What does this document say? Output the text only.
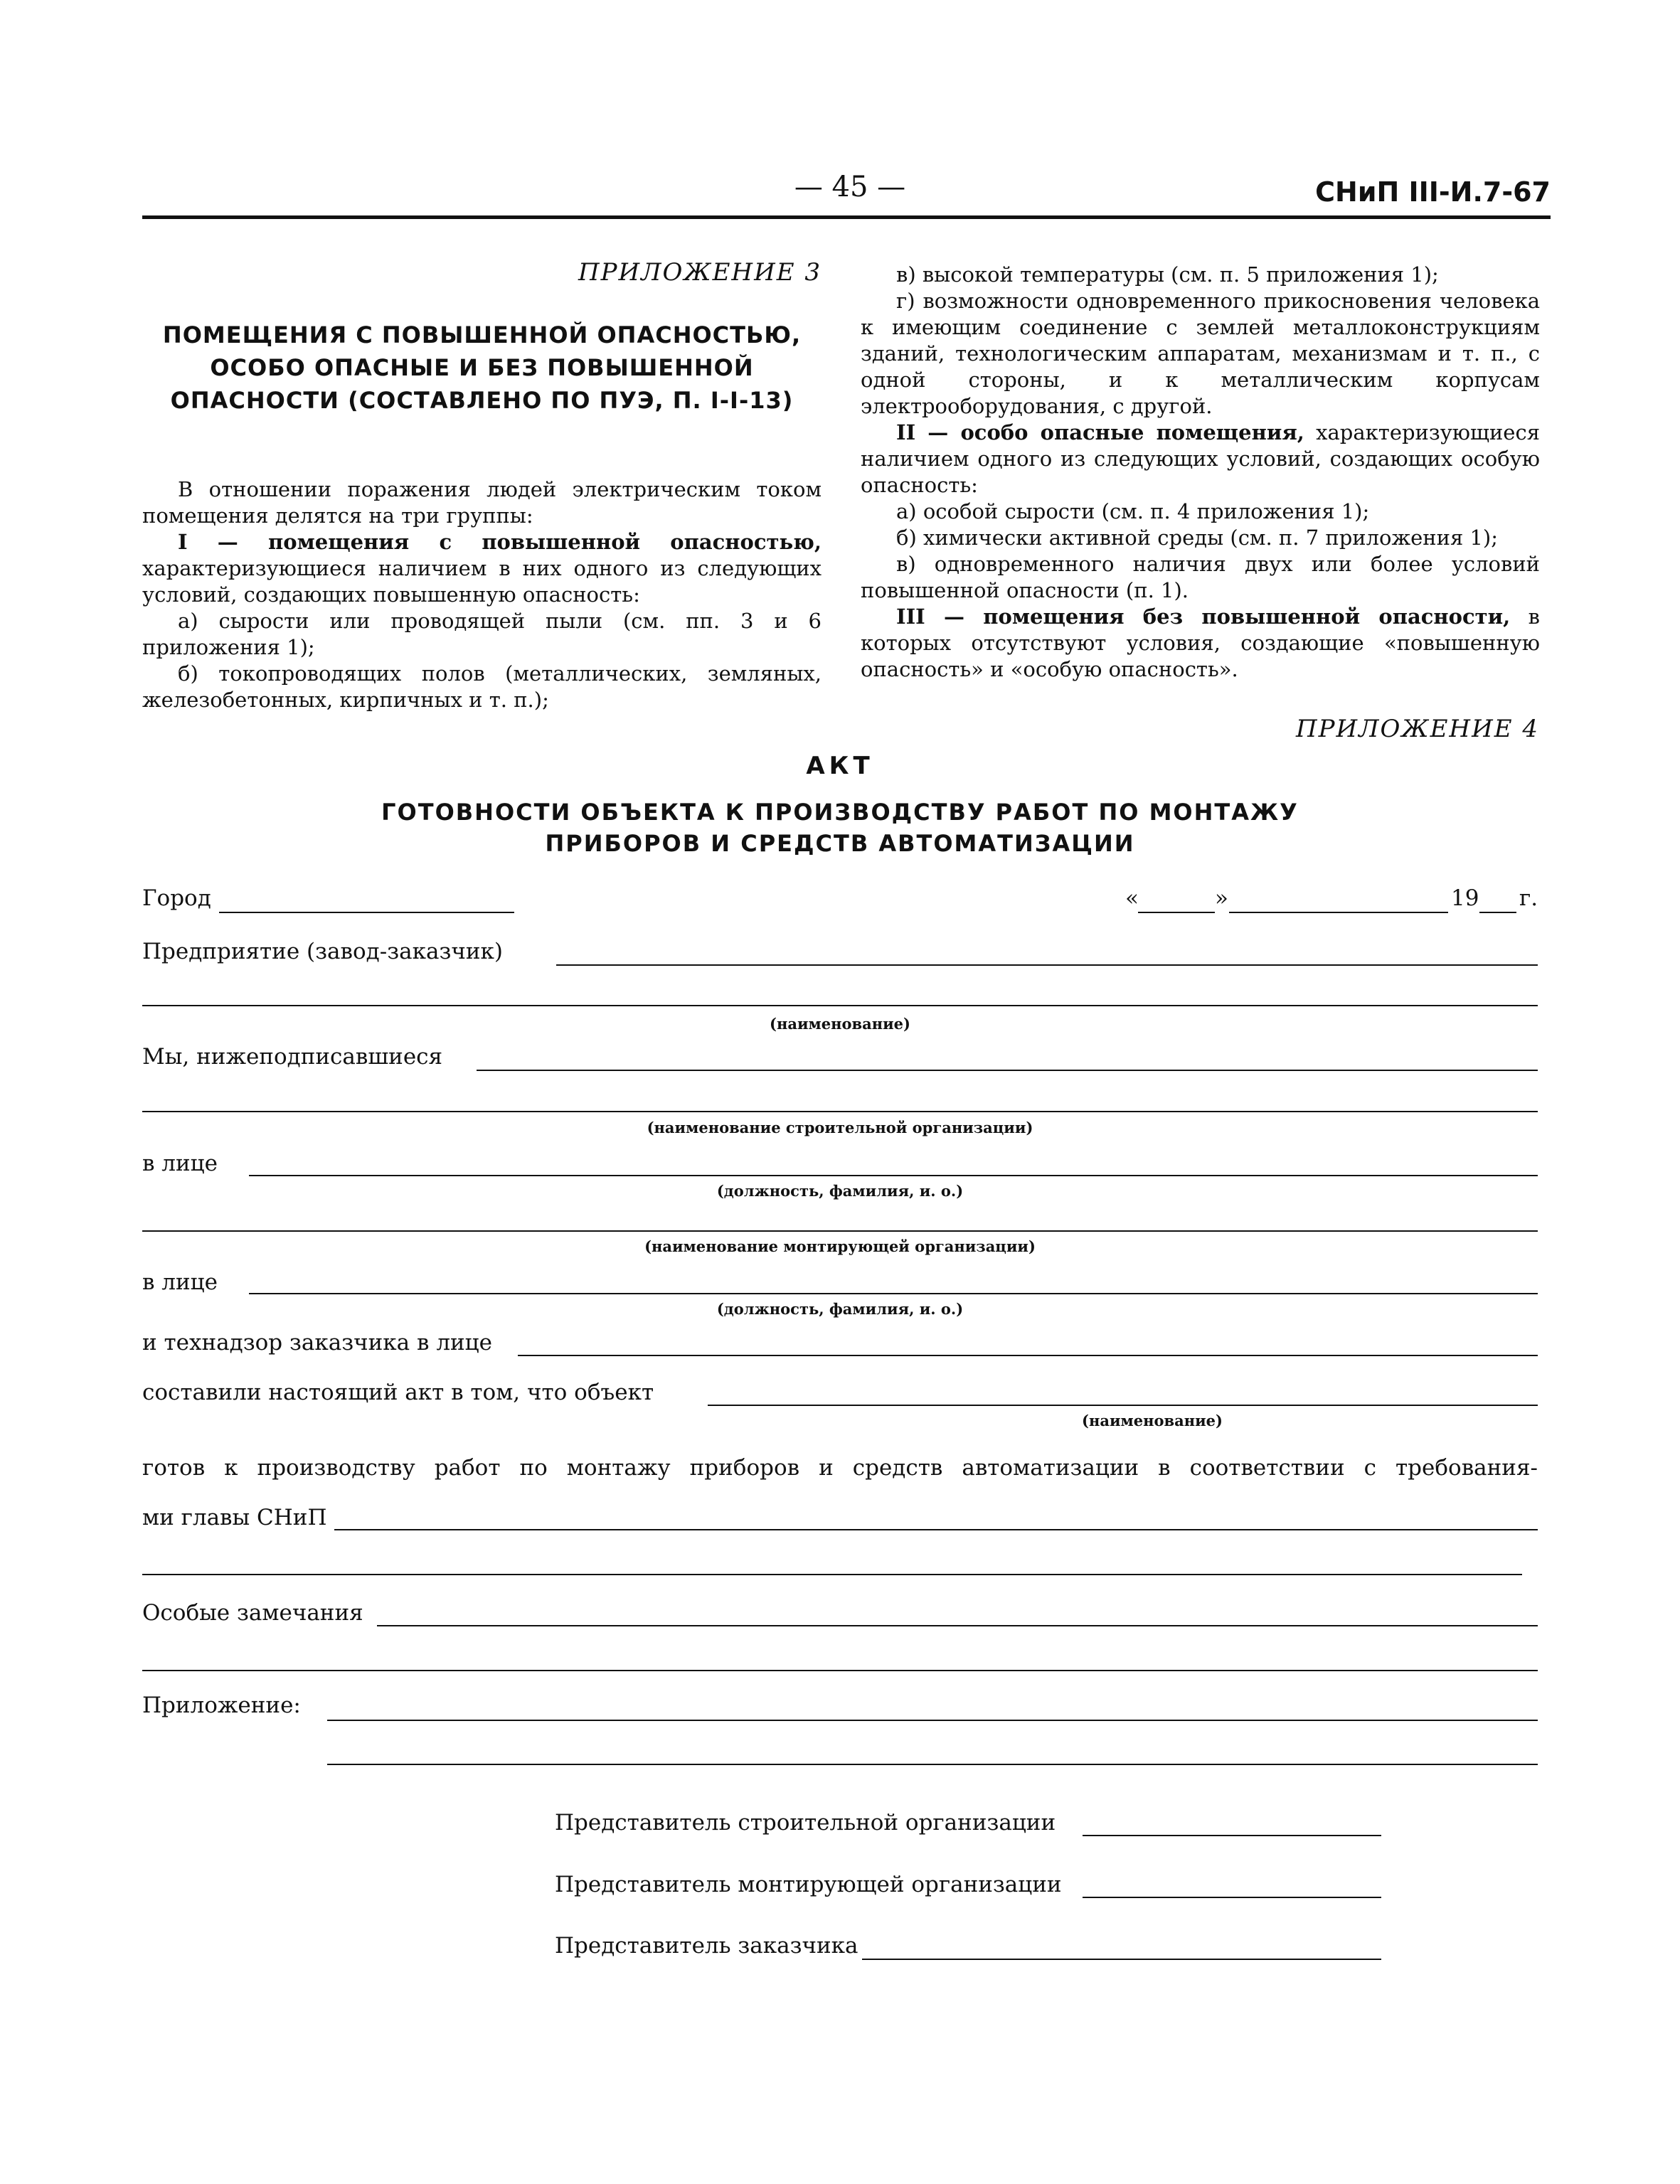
— 45 —	СНиП III-И.7-67
ПРИЛОЖЕНИЕ 3
ПОМЕЩЕНИЯ С ПОВЫШЕННОЙ ОПАСНОСТЬЮ, ОСОБО ОПАСНЫЕ И БЕЗ ПОВЫШЕННОЙ ОПАСНОСТИ (СОСТАВЛЕНО ПО ПУЭ, П. I-I-13)

В отношении поражения людей электрическим током помещения делятся на три группы:

I — помещения с повышенной опасностью, характеризующиеся наличием в них одного из следующих условий, создающих повышенную опасность:

а) сырости или проводящей пыли (см. пп. 3 и 6 приложения 1);

б) токопроводящих полов (металлических, земляных, железобетонных, кирпичных и т. п.);

в) высокой температуры (см. п. 5 приложения 1);

г) возможности одновременного прикосновения человека к имеющим соединение с землей металлоконструкциям зданий, технологическим аппаратам, механизмам и т. п., с одной стороны, и к металлическим корпусам электрооборудования, с другой.

II — особо опасные помещения, характеризующиеся наличием одного из следующих условий, создающих особую опасность:

а) особой сырости (см. п. 4 приложения 1);

б) химически активной среды (см. п. 7 приложения 1);

в) одновременного наличия двух или более условий повышенной опасности (п. 1).

III — помещения без повышенной опасности, в которых отсутствуют условия, создающие «повышенную опасность» и «особую опасность».

ПРИЛОЖЕНИЕ 4
АКТ
ГОТОВНОСТИ ОБЪЕКТА К ПРОИЗВОДСТВУ РАБОТ ПО МОНТАЖУ
ПРИБОРОВ И СРЕДСТВ АВТОМАТИЗАЦИИ
Город	«	»	19 г.
Предприятие (завод-заказчик)
(наименование)
Мы, нижеподписавшиеся
(наименование строительной организации)
в лице
(должность, фамилия, и. о.)
(наименование монтирующей организации)
в лице
(должность, фамилия, и. о.)
и технадзор заказчика в лице
составили настоящий акт в том, что объект
(наименование)
готов к производству работ по монтажу приборов и средств автоматизации в соответствии с требования-
ми главы СНиП
Особые замечания
Приложение:
Представитель строительной организации
Представитель монтирующей организации
Представитель заказчика
